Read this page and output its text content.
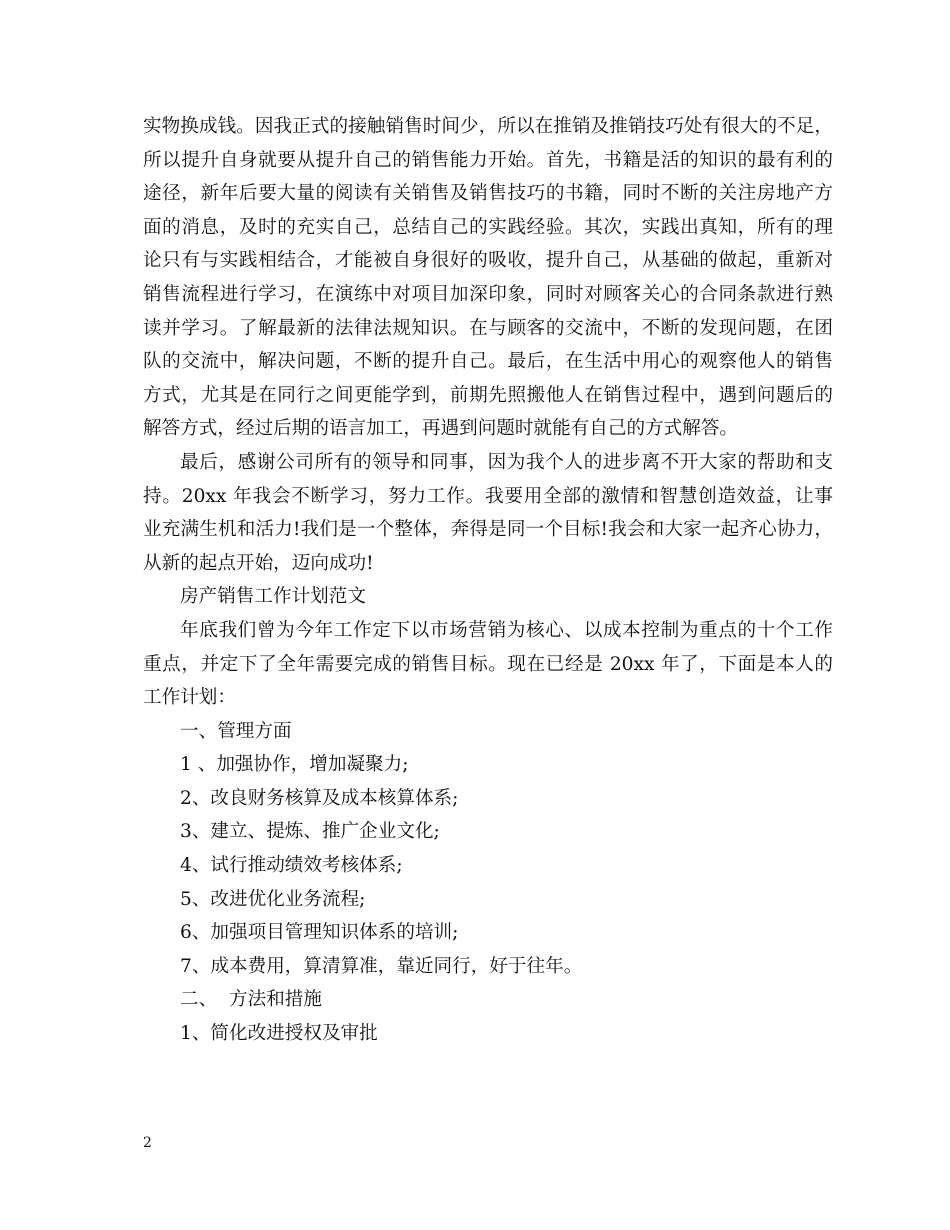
实物换成钱。因我正式的接触销售时间少，所以在推销及推销技巧处有很大的不足，
所以提升自身就要从提升自己的销售能力开始。首先，书籍是活的知识的最有利的
途径，新年后要大量的阅读有关销售及销售技巧的书籍，同时不断的关注房地产方
面的消息，及时的充实自己，总结自己的实践经验。其次，实践出真知，所有的理
论只有与实践相结合，才能被自身很好的吸收，提升自己，从基础的做起，重新对
销售流程进行学习，在演练中对项目加深印象，同时对顾客关心的合同条款进行熟
读并学习。了解最新的法律法规知识。在与顾客的交流中，不断的发现问题，在团
队的交流中，解决问题，不断的提升自己。最后，在生活中用心的观察他人的销售
方式，尤其是在同行之间更能学到，前期先照搬他人在销售过程中，遇到问题后的
解答方式，经过后期的语言加工，再遇到问题时就能有自己的方式解答。
最后，感谢公司所有的领导和同事，因为我个人的进步离不开大家的帮助和支
持。20xx 年我会不断学习，努力工作。我要用全部的激情和智慧创造效益，让事
业充满生机和活力!我们是一个整体，奔得是同一个目标!我会和大家一起齐心协力，
从新的起点开始，迈向成功!
房产销售工作计划范文
年底我们曾为今年工作定下以市场营销为核心、以成本控制为重点的十个工作
重点，并定下了全年需要完成的销售目标。现在已经是 20xx 年了，下面是本人的
工作计划：
一、管理方面
1 、加强协作，增加凝聚力;
2、改良财务核算及成本核算体系;
3、建立、提炼、推广企业文化;
4、试行推动绩效考核体系;
5、改进优化业务流程;
6、加强项目管理知识体系的培训;
7、成本费用，算清算准，靠近同行，好于往年。
二、  方法和措施
1、简化改进授权及审批
2
